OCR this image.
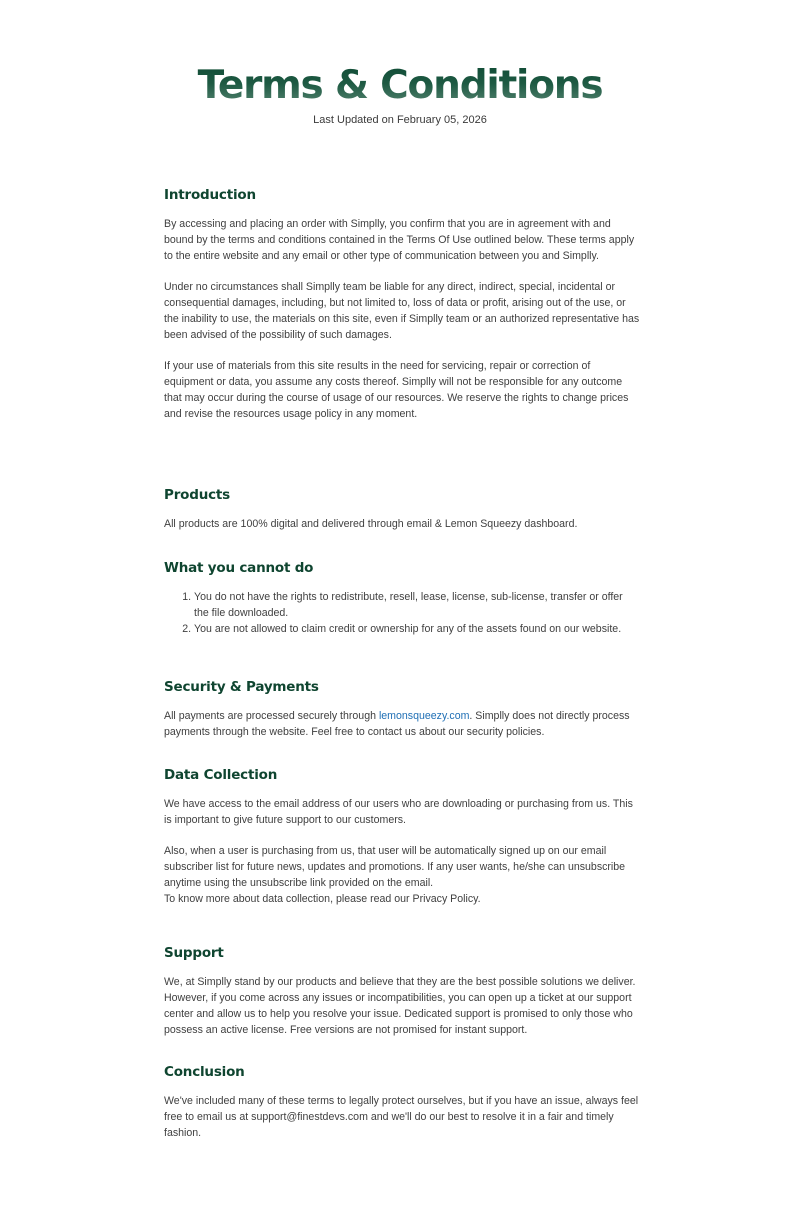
Terms & Conditions
Last Updated on February 05, 2026
Introduction

By accessing and placing an order with Simplly, you confirm that you are in agreement with and bound by the terms and conditions contained in the Terms Of Use outlined below. These terms apply to the entire website and any email or other type of communication between you and Simplly.

Under no circumstances shall Simplly team be liable for any direct, indirect, special, incidental or consequential damages, including, but not limited to, loss of data or profit, arising out of the use, or the inability to use, the materials on this site, even if Simplly team or an authorized representative has been advised of the possibility of such damages.

If your use of materials from this site results in the need for servicing, repair or correction of equipment or data, you assume any costs thereof. Simplly will not be responsible for any outcome that may occur during the course of usage of our resources. We reserve the rights to change prices and revise the resources usage policy in any moment.

Products

All products are 100% digital and delivered through email & Lemon Squeezy dashboard.

What you cannot do
1. You do not have the rights to redistribute, resell, lease, license, sub-license, transfer or offer the file downloaded.
2. You are not allowed to claim credit or ownership for any of the assets found on our website.
Security & Payments

All payments are processed securely through lemonsqueezy.com. Simplly does not directly process payments through the website. Feel free to contact us about our security policies.

Data Collection

We have access to the email address of our users who are downloading or purchasing from us. This is important to give future support to our customers.

Also, when a user is purchasing from us, that user will be automatically signed up on our email subscriber list for future news, updates and promotions. If any user wants, he/she can unsubscribe anytime using the unsubscribe link provided on the email.

To know more about data collection, please read our Privacy Policy.

Support

We, at Simplly stand by our products and believe that they are the best possible solutions we deliver. However, if you come across any issues or incompatibilities, you can open up a ticket at our support center and allow us to help you resolve your issue. Dedicated support is promised to only those who possess an active license. Free versions are not promised for instant support.

Conclusion

We've included many of these terms to legally protect ourselves, but if you have an issue, always feel free to email us at support@finestdevs.com and we'll do our best to resolve it in a fair and timely fashion.
